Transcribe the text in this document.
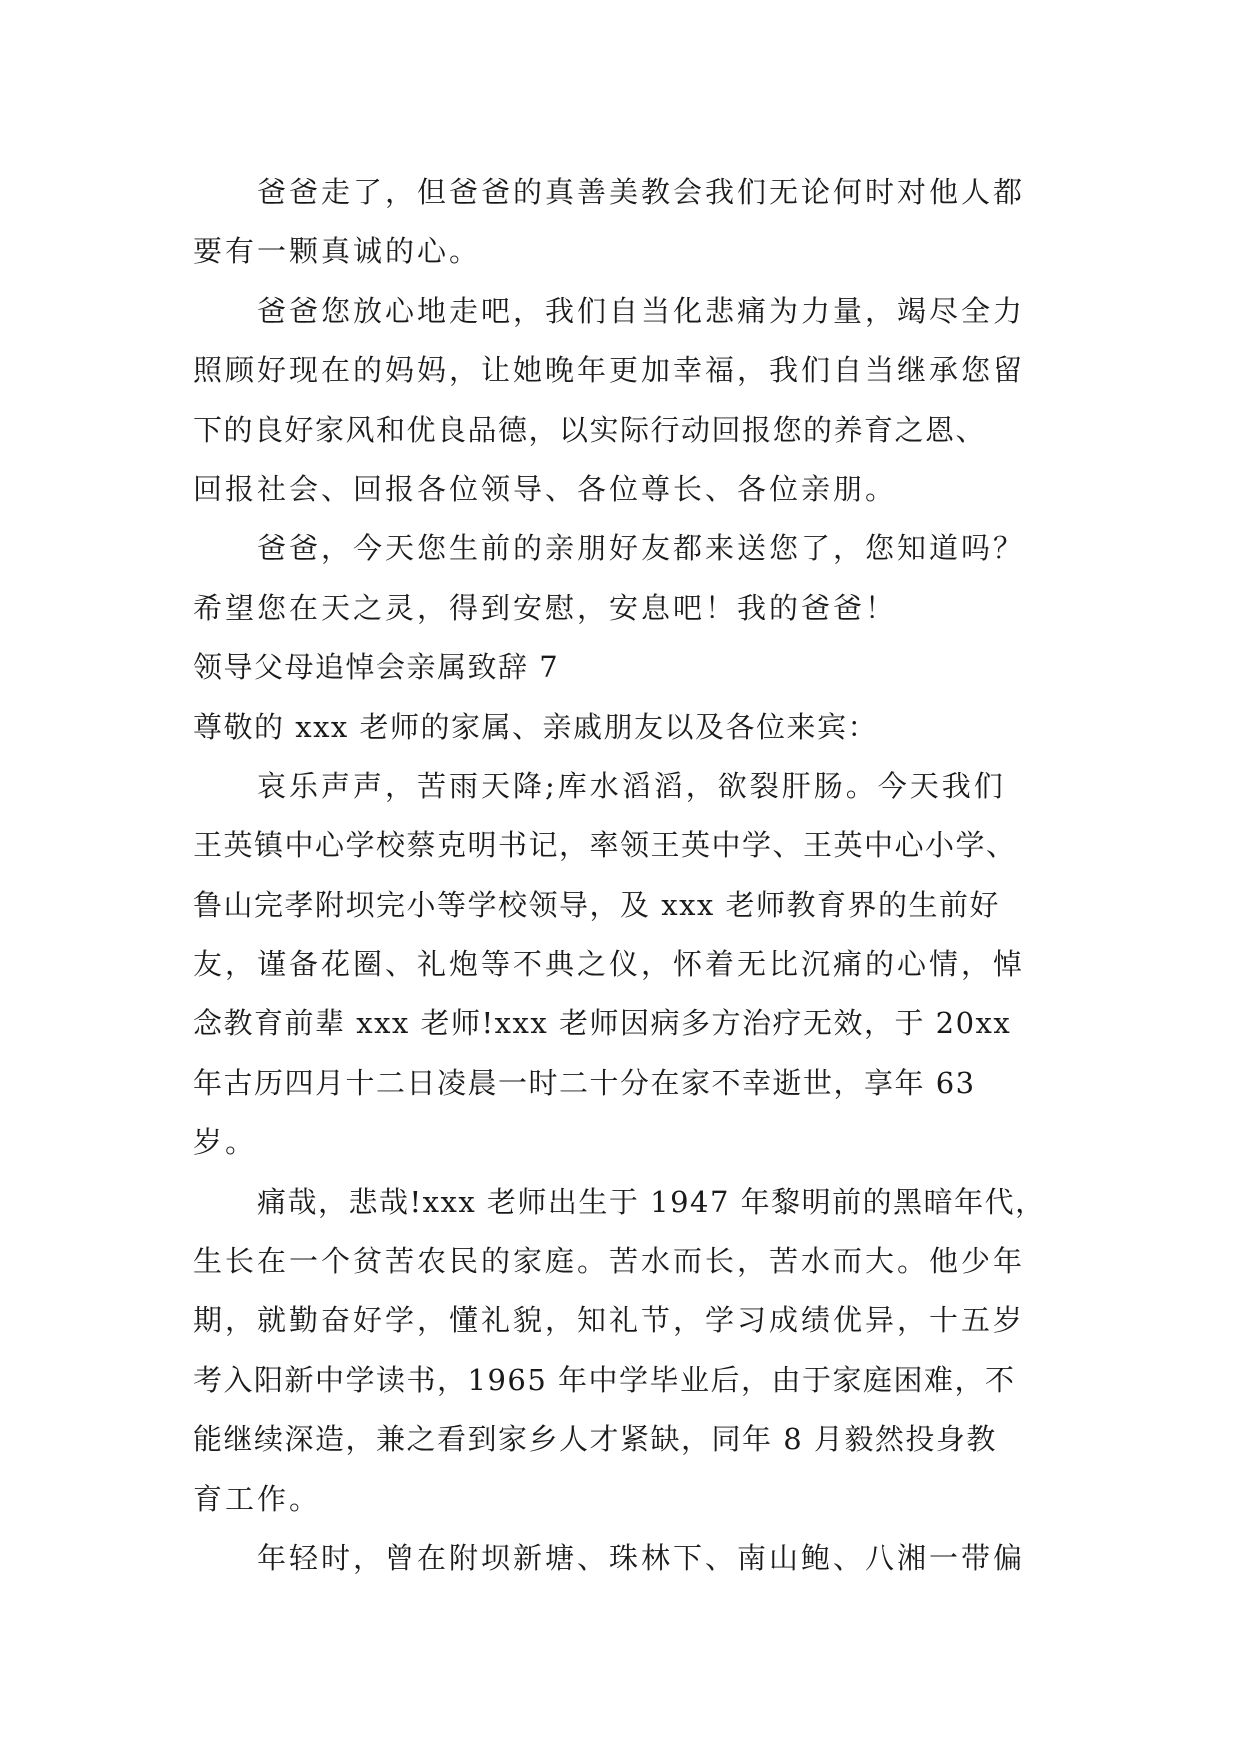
爸爸走了，但爸爸的真善美教会我们无论何时对他人都
要有一颗真诚的心。
爸爸您放心地走吧，我们自当化悲痛为力量，竭尽全力
照顾好现在的妈妈，让她晚年更加幸福，我们自当继承您留
下的良好家风和优良品德，以实际行动回报您的养育之恩、
回报社会、回报各位领导、各位尊长、各位亲朋。
爸爸，今天您生前的亲朋好友都来送您了，您知道吗？
希望您在天之灵，得到安慰，安息吧！我的爸爸！
领导父母追悼会亲属致辞 7
尊敬的 xxx 老师的家属、亲戚朋友以及各位来宾：
哀乐声声，苦雨天降;库水滔滔，欲裂肝肠。今天我们
王英镇中心学校蔡克明书记，率领王英中学、王英中心小学、
鲁山完孝附坝完小等学校领导，及 xxx 老师教育界的生前好
友，谨备花圈、礼炮等不典之仪，怀着无比沉痛的心情，悼
念教育前辈 xxx 老师!xxx 老师因病多方治疗无效，于 20xx
年古历四月十二日凌晨一时二十分在家不幸逝世，享年 63
岁。
痛哉，悲哉!xxx 老师出生于 1947 年黎明前的黑暗年代，
生长在一个贫苦农民的家庭。苦水而长，苦水而大。他少年
期，就勤奋好学，懂礼貌，知礼节，学习成绩优异，十五岁
考入阳新中学读书，1965 年中学毕业后，由于家庭困难，不
能继续深造，兼之看到家乡人才紧缺，同年 8 月毅然投身教
育工作。
年轻时，曾在附坝新塘、珠林下、南山鲍、八湘一带偏
